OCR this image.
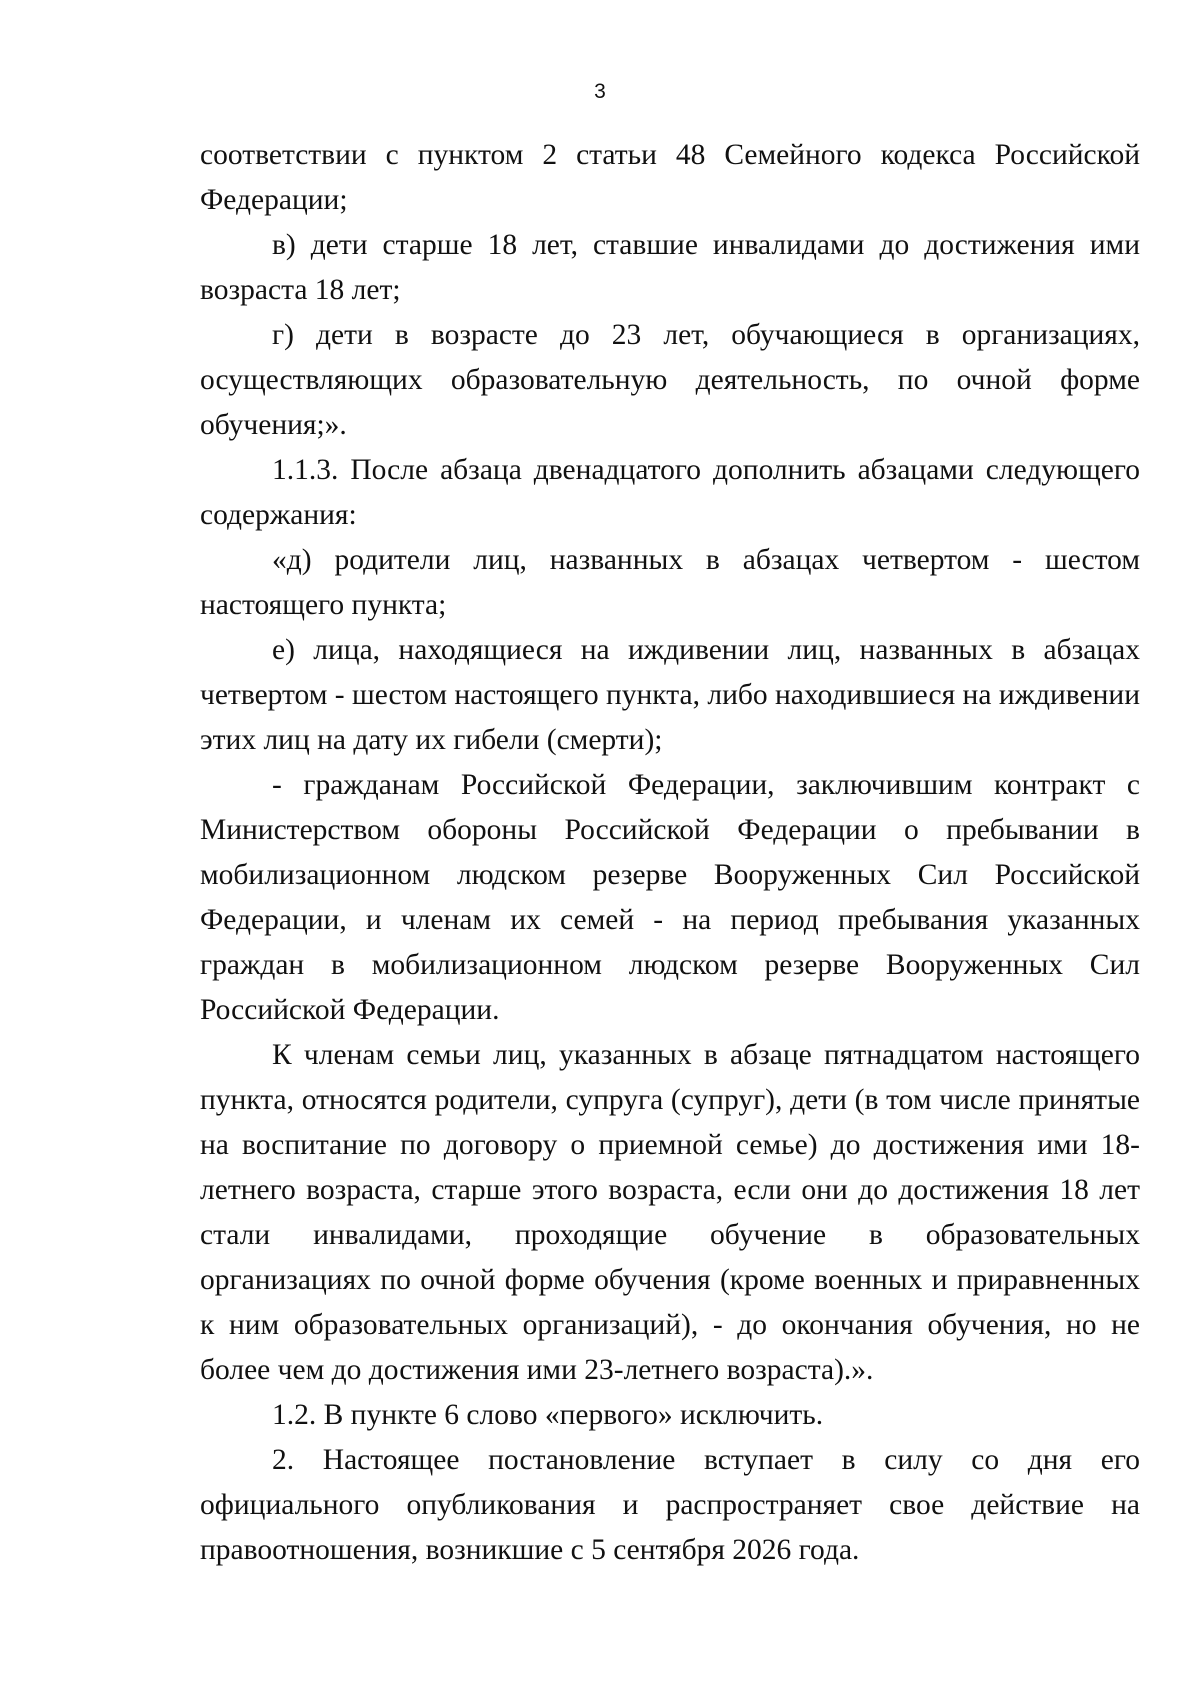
3

соответствии с пунктом 2 статьи 48 Семейного кодекса Российской Федерации;

в) дети старше 18 лет, ставшие инвалидами до достижения ими возраста 18 лет;

г) дети в возрасте до 23 лет, обучающиеся в организациях, осуществляющих образовательную деятельность, по очной форме обучения;».

1.1.3. После абзаца двенадцатого дополнить абзацами следующего содержания:

«д) родители лиц, названных в абзацах четвертом - шестом настоящего пункта;

е) лица, находящиеся на иждивении лиц, названных в абзацах четвертом - шестом настоящего пункта, либо находившиеся на иждивении этих лиц на дату их гибели (смерти);

- гражданам Российской Федерации, заключившим контракт с Министерством обороны Российской Федерации о пребывании в мобилизационном людском резерве Вооруженных Сил Российской Федерации, и членам их семей - на период пребывания указанных граждан в мобилизационном людском резерве Вооруженных Сил Российской Федерации.

К членам семьи лиц, указанных в абзаце пятнадцатом настоящего пункта, относятся родители, супруга (супруг), дети (в том числе принятые на воспитание по договору о приемной семье) до достижения ими 18-летнего возраста, старше этого возраста, если они до достижения 18 лет стали инвалидами, проходящие обучение в образовательных организациях по очной форме обучения (кроме военных и приравненных к ним образовательных организаций), - до окончания обучения, но не более чем до достижения ими 23-летнего возраста).».

1.2. В пункте 6 слово «первого» исключить.

2. Настоящее постановление вступает в силу со дня его официального опубликования и распространяет свое действие на правоотношения, возникшие с 5 сентября 2026 года.
